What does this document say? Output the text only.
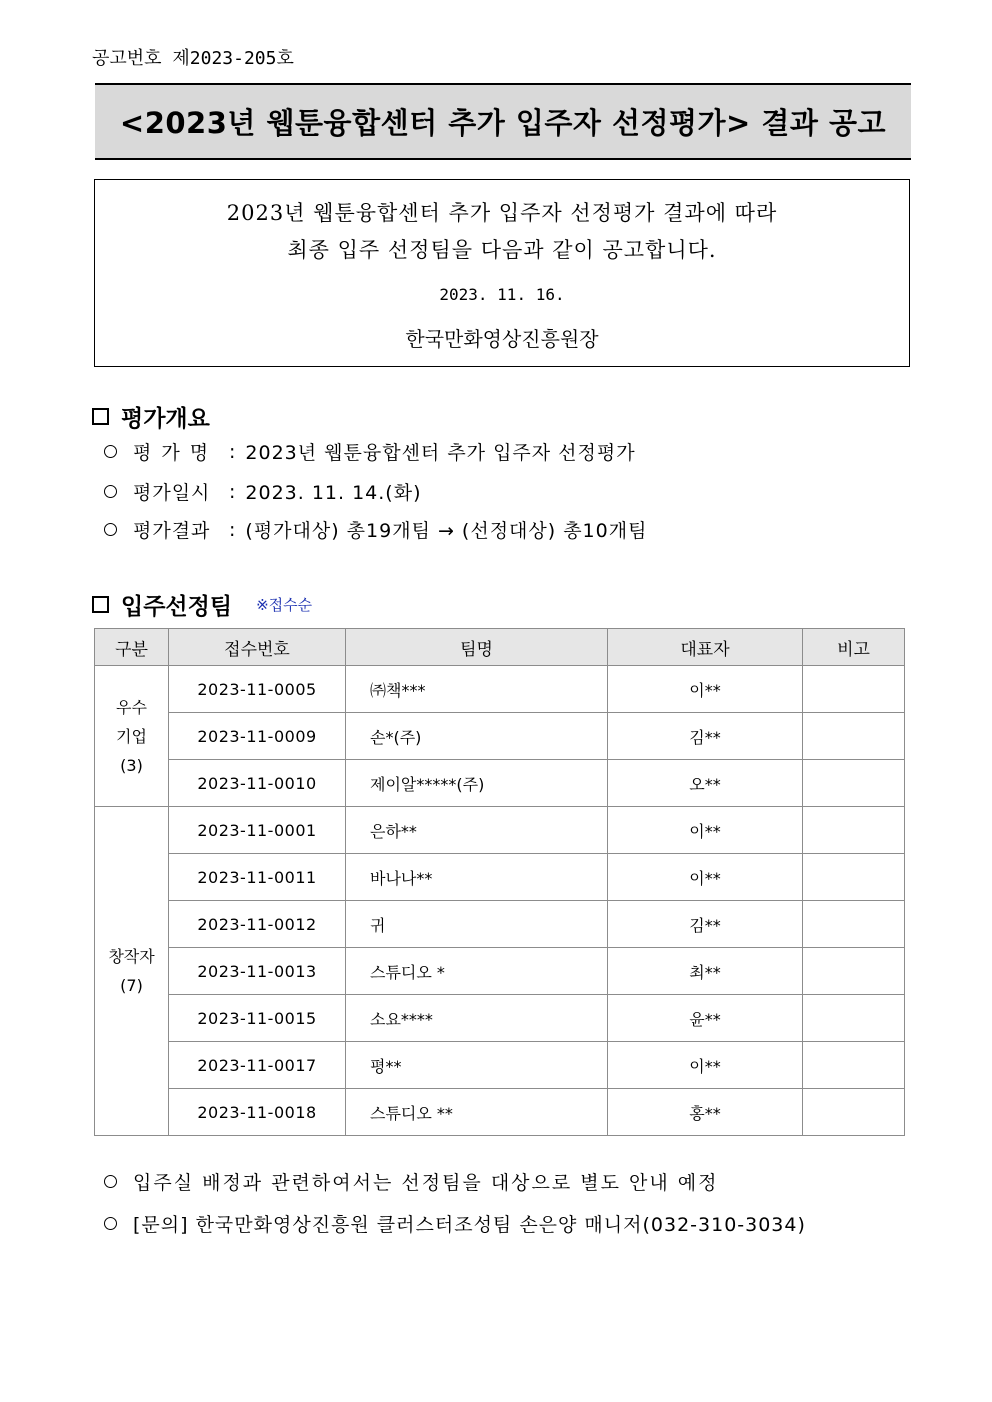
공고번호 제2023-205호
<2023년 웹툰융합센터 추가 입주자 선정평가> 결과 공고
2023년 웹툰융합센터 추가 입주자 선정평가 결과에 따라
최종 입주 선정팀을 다음과 같이 공고합니다.
2023. 11. 16.
한국만화영상진흥원장
평가개요
평가명 : 2023년 웹툰융합센터 추가 입주자 선정평가
평가일시 : 2023. 11. 14.(화)
평가결과 : (평가대상) 총19개팀 → (선정대상) 총10개팀
입주선정팀 ※접수순
구분	접수번호	팀명	대표자	비고

우수
기업
(3)	2023-11-0005	㈜책***	이**	
	2023-11-0009	손*(주)	김**	
	2023-11-0010	제이알*****(주)	오**	

창작자
(7)	2023-11-0001	은하**	이**	
	2023-11-0011	바나나**	이**	
	2023-11-0012	귀	김**	
	2023-11-0013	스튜디오 *	최**	
	2023-11-0015	소요****	윤**	
	2023-11-0017	평**	이**	
	2023-11-0018	스튜디오 **	홍**	
입주실 배정과 관련하여서는 선정팀을 대상으로 별도 안내 예정
[문의] 한국만화영상진흥원 클러스터조성팀 손은양 매니저(032-310-3034)
